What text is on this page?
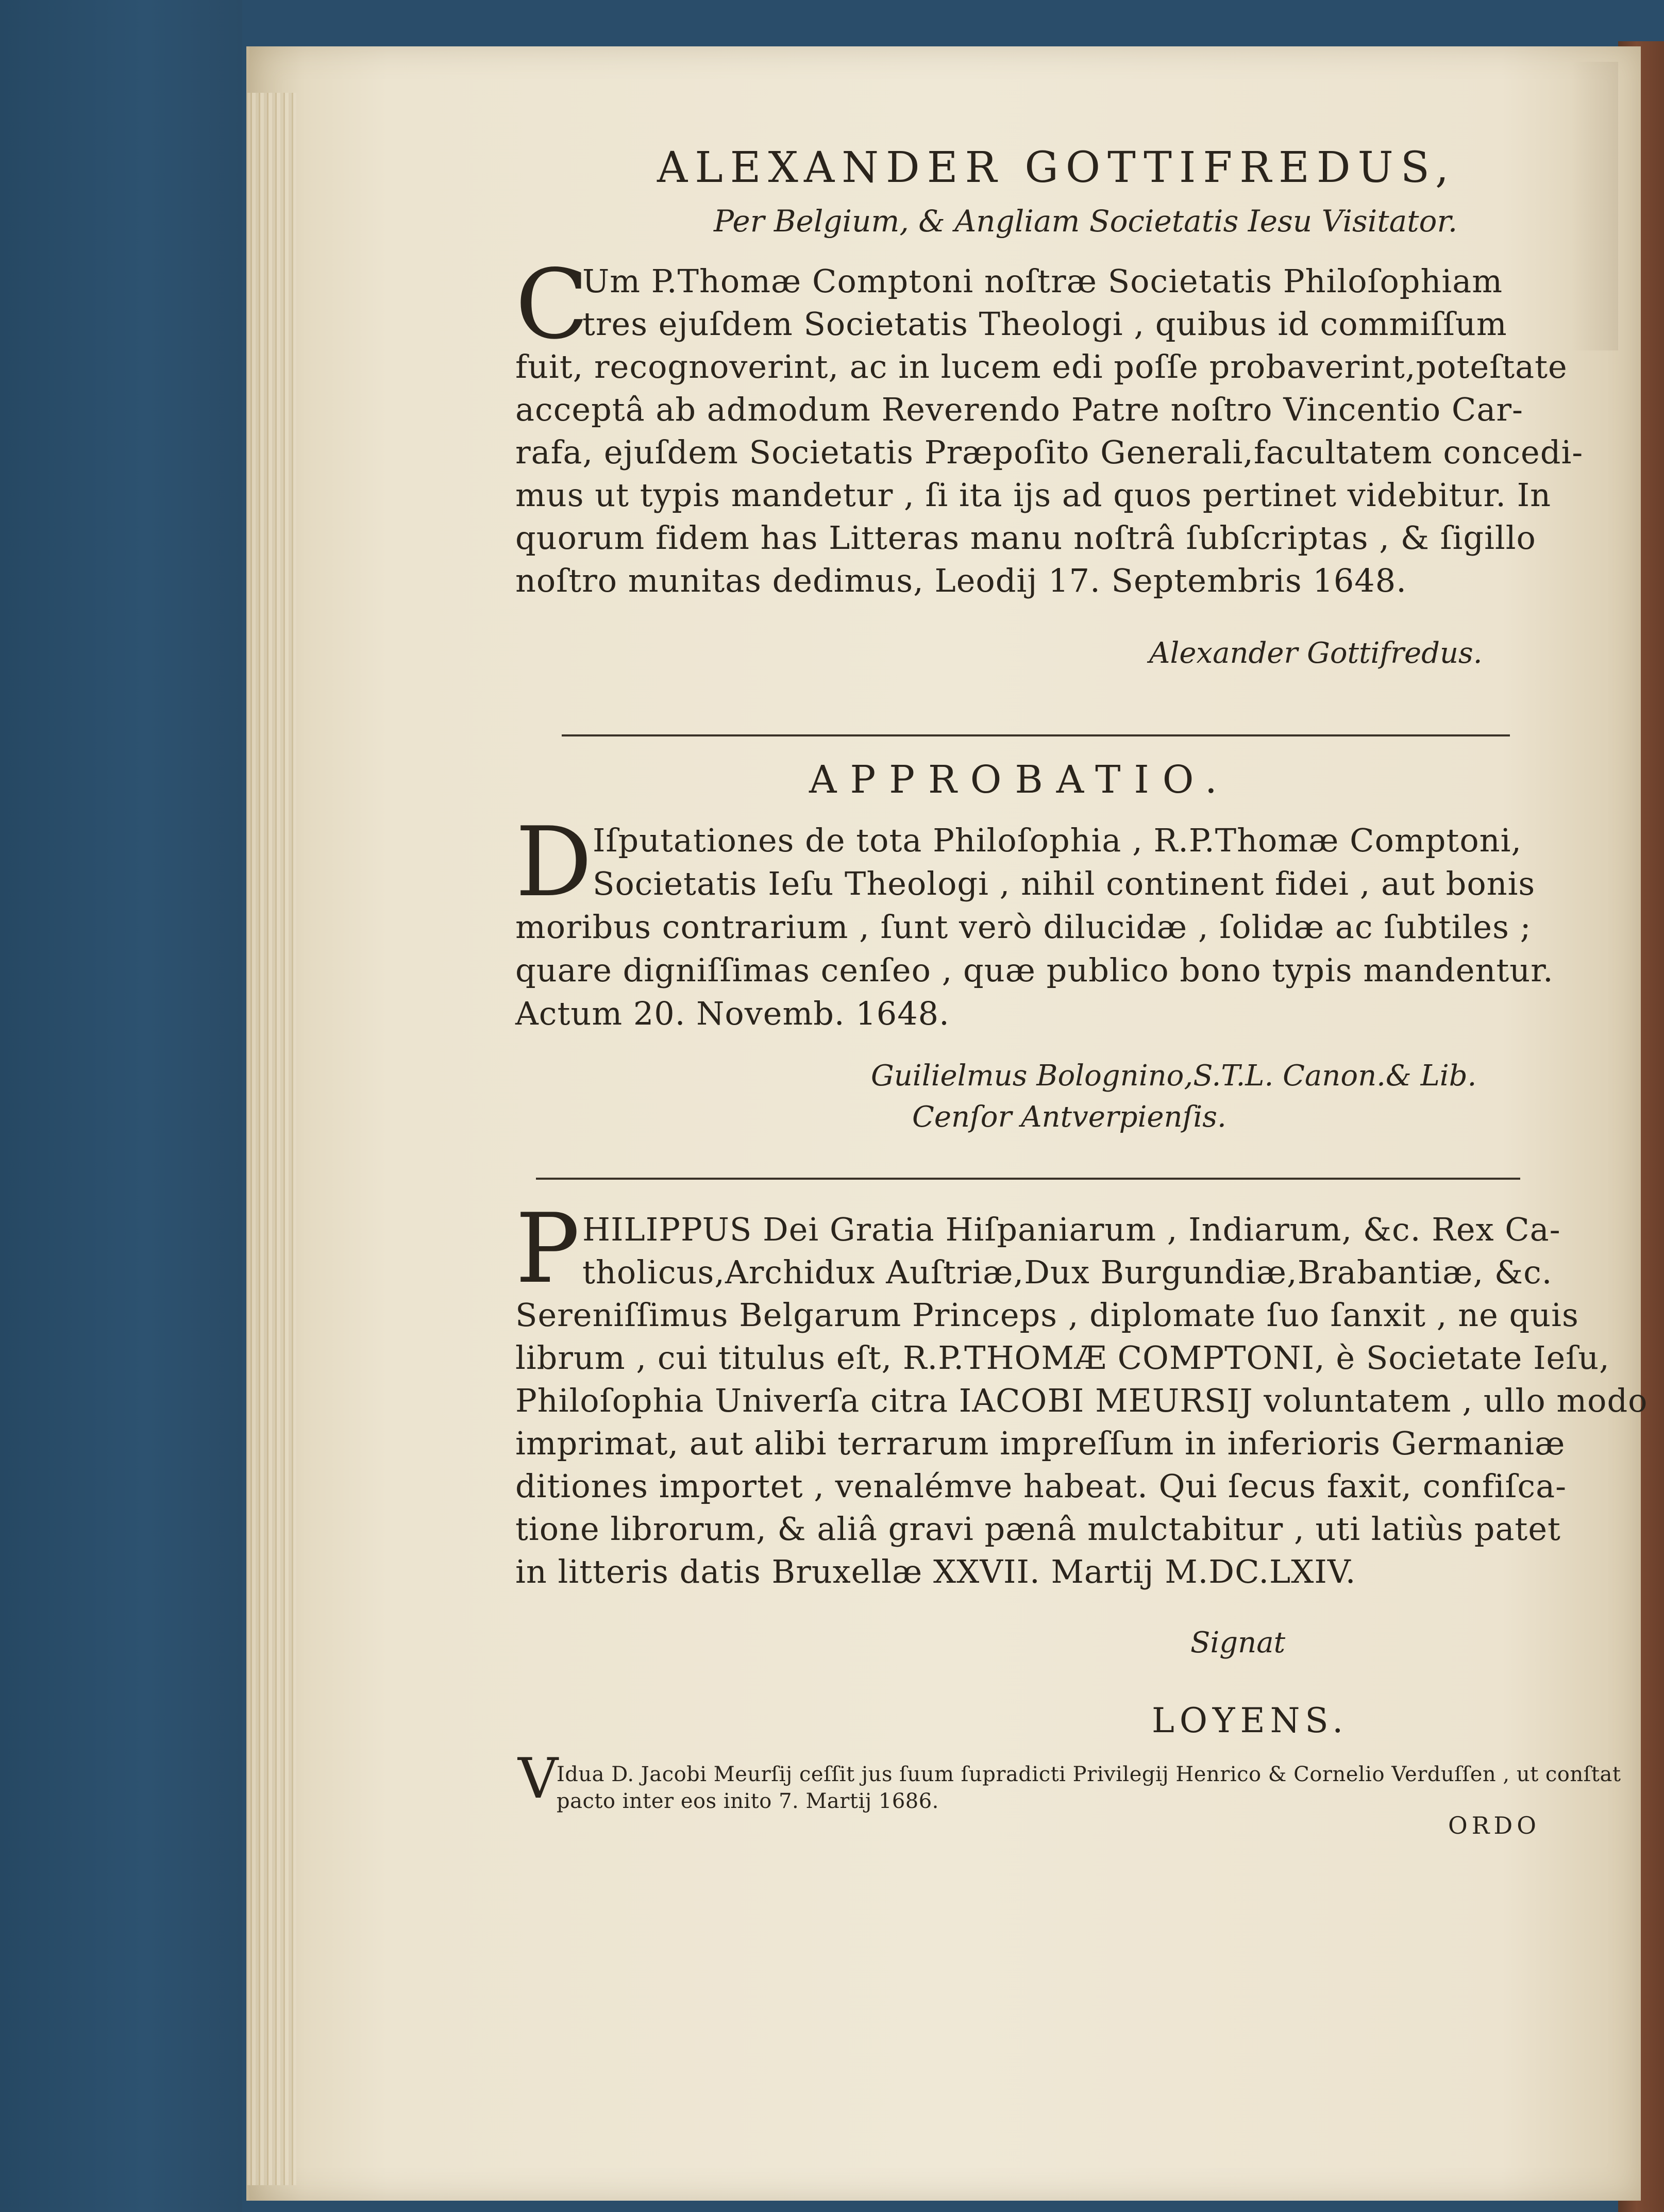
ALEXANDER GOTTIFREDUS,
Per Belgium, & Angliam Societatis Iesu Visitator.
C
Um P.Thomæ Comptoni noſtræ Societatis Philoſophiam
tres ejuſdem Societatis Theologi , quibus id commiſſum
fuit, recognoverint, ac in lucem edi poſſe probaverint,poteſtate
acceptâ ab admodum Reverendo Patre noſtro Vincentio Car-
rafa, ejuſdem Societatis Præpoſito Generali,facultatem concedi-
mus ut typis mandetur , ſi ita ijs ad quos pertinet videbitur. In
quorum fidem has Litteras manu noſtrâ ſubſcriptas , & ſigillo
noſtro munitas dedimus, Leodij 17. Septembris 1648.
Alexander Gottifredus.
APPROBATIO.
D Iſputationes de tota Philoſophia , R.P.Thomæ Comptoni,
Societatis Ieſu Theologi , nihil continent fidei , aut bonis
moribus contrarium , ſunt verò dilucidæ , ſolidæ ac ſubtiles ;
quare digniſſimas cenſeo , quæ publico bono typis mandentur.
Actum 20. Novemb. 1648.
Guilielmus Bolognino,S.T.L. Canon.& Lib.
Cenſor Antverpienſis.
P HILIPPUS Dei Gratia Hiſpaniarum , Indiarum, &c. Rex Ca-
tholicus,Archidux Auſtriæ,Dux Burgundiæ,Brabantiæ, &c.
Sereniſſimus Belgarum Princeps , diplomate ſuo ſanxit , ne quis
librum , cui titulus eſt, R.P.THOMÆ COMPTONI, è Societate Ieſu,
Philoſophia Univerſa citra IACOBI MEURSIJ voluntatem , ullo modo
imprimat, aut alibi terrarum impreſſum in inferioris Germaniæ
ditiones importet , venalémve habeat. Qui ſecus faxit, confiſca-
tione librorum, & aliâ gravi pænâ mulctabitur , uti latiùs patet
in litteris datis Bruxellæ XXVII. Martij M.DC.LXIV.
Signat
LOYENS.
V
Idua D. Jacobi Meurſij ceſſit jus ſuum ſupradicti Privilegij Henrico & Cornelio Verduſſen , ut conſtat
pacto inter eos inito 7. Martij 1686.
ORDO
